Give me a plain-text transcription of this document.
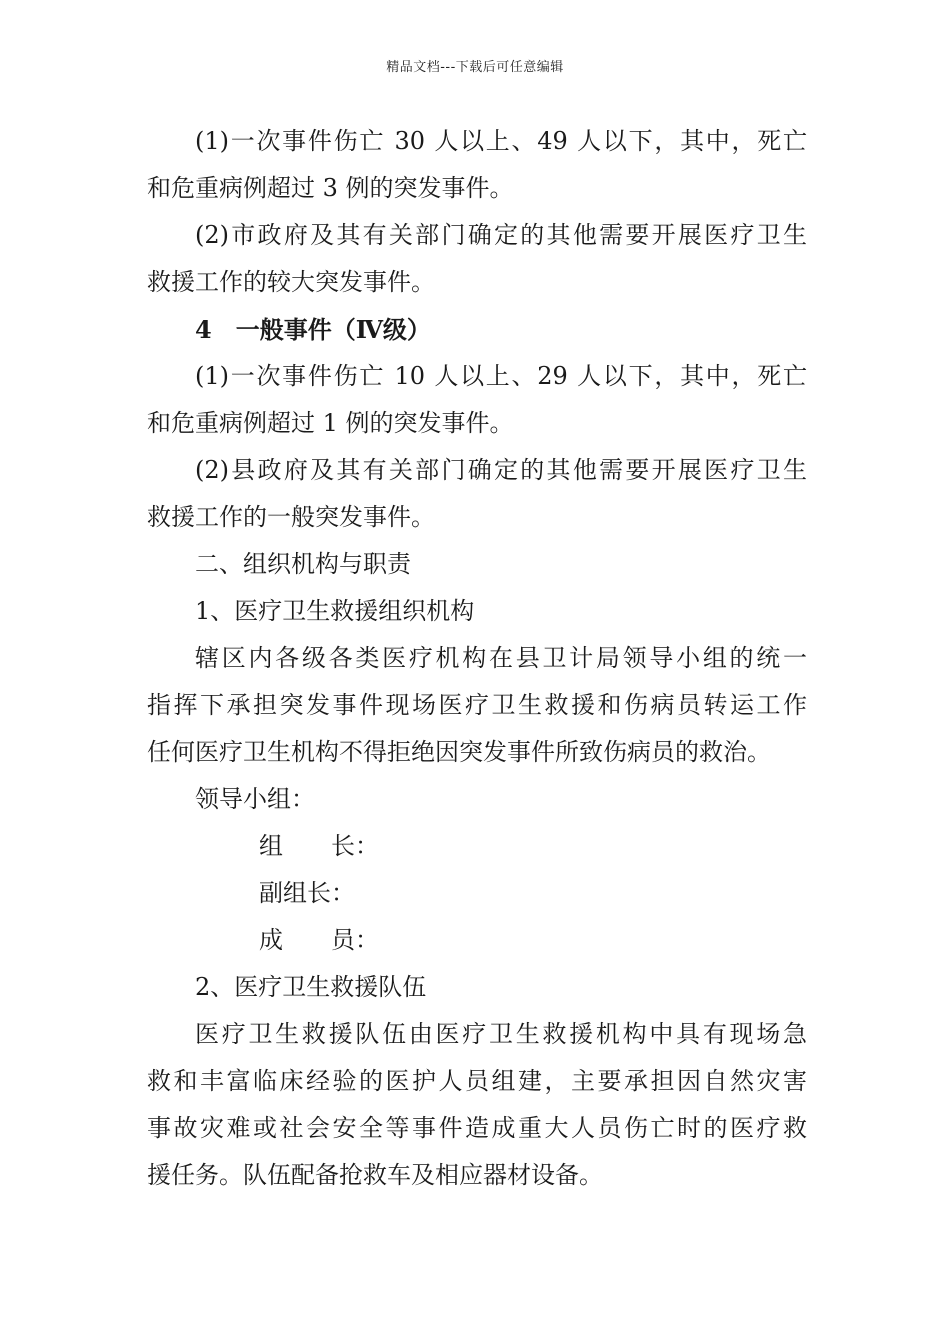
精品文档---下载后可任意编辑
(1)一次事件伤亡 30 人以上、49 人以下，其中，死亡
和危重病例超过 3 例的突发事件。
(2)市政府及其有关部门确定的其他需要开展医疗卫生
救援工作的较大突发事件。
4　一般事件（Ⅳ级）
(1)一次事件伤亡 10 人以上、29 人以下，其中，死亡
和危重病例超过 1 例的突发事件。
(2)县政府及其有关部门确定的其他需要开展医疗卫生
救援工作的一般突发事件。
二、组织机构与职责
1、医疗卫生救援组织机构
辖区内各级各类医疗机构在县卫计局领导小组的统一
指挥下承担突发事件现场医疗卫生救援和伤病员转运工作
任何医疗卫生机构不得拒绝因突发事件所致伤病员的救治。
领导小组：
组　　长：
副组长：
成　　员：
2、医疗卫生救援队伍
医疗卫生救援队伍由医疗卫生救援机构中具有现场急
救和丰富临床经验的医护人员组建，主要承担因自然灾害
事故灾难或社会安全等事件造成重大人员伤亡时的医疗救
援任务。队伍配备抢救车及相应器材设备。
